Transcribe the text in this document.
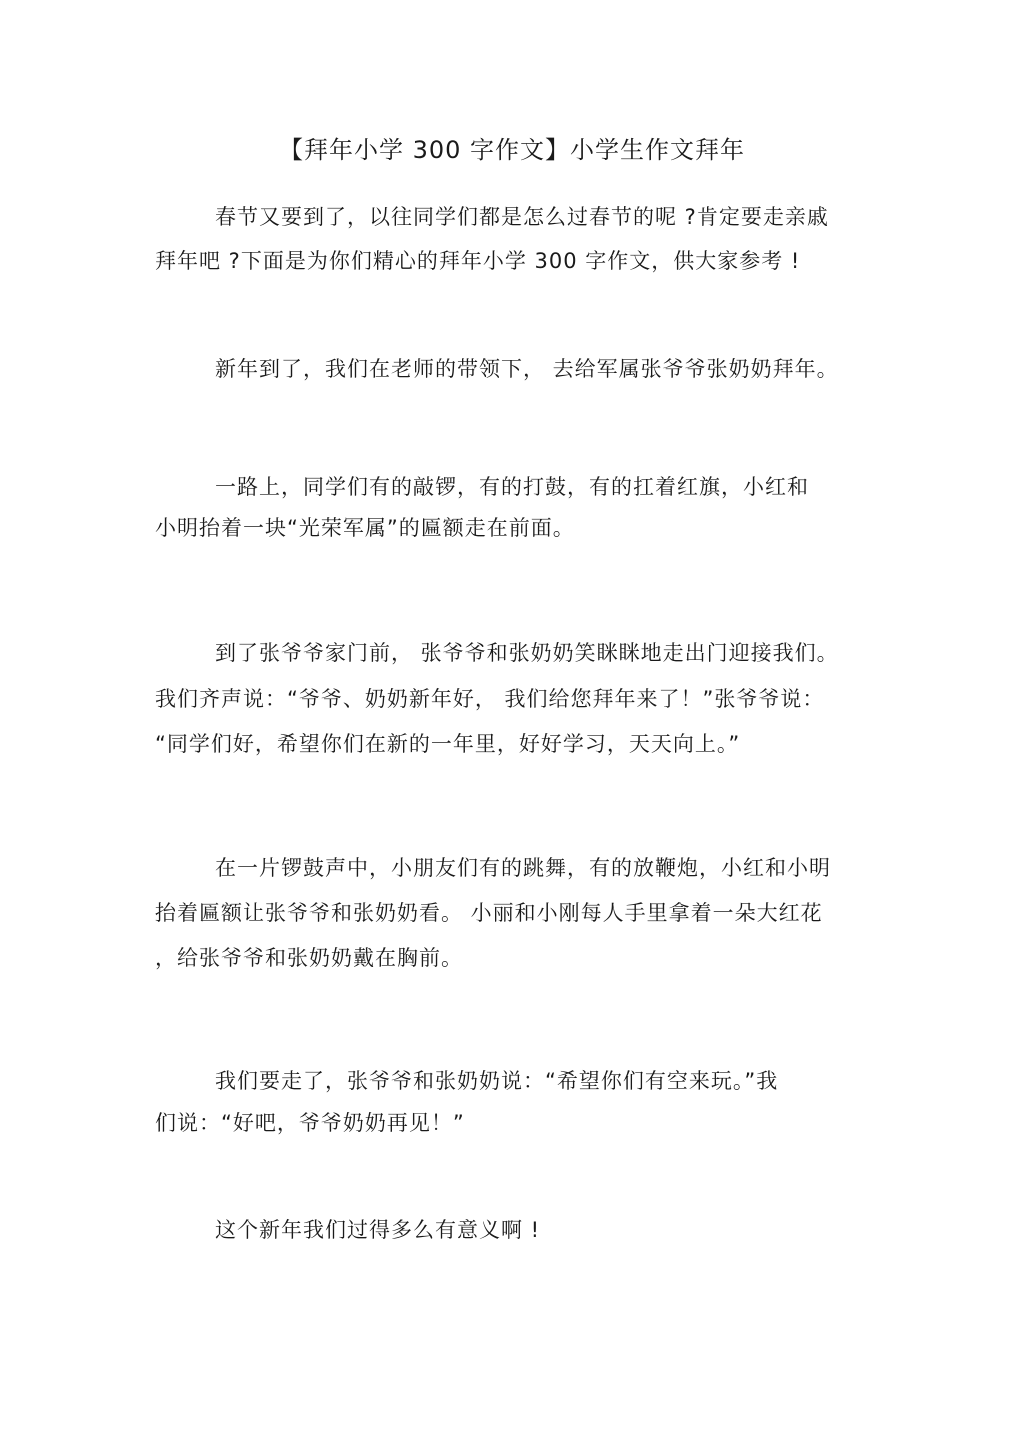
【拜年小学 300 字作文】小学生作文拜年
春节又要到了，以往同学们都是怎么过春节的呢 ?肯定要走亲戚
拜年吧 ?下面是为你们精心的拜年小学 300 字作文，供大家参考 !
新年到了，我们在老师的带领下， 去给军属张爷爷张奶奶拜年。
一路上，同学们有的敲锣，有的打鼓，有的扛着红旗，小红和
小明抬着一块“光荣军属”的匾额走在前面。
到了张爷爷家门前， 张爷爷和张奶奶笑眯眯地走出门迎接我们。
我们齐声说：“爷爷、奶奶新年好， 我们给您拜年来了！”张爷爷说：
“同学们好，希望你们在新的一年里，好好学习，天天向上。”
在一片锣鼓声中，小朋友们有的跳舞，有的放鞭炮，小红和小明
抬着匾额让张爷爷和张奶奶看。 小丽和小刚每人手里拿着一朵大红花
，给张爷爷和张奶奶戴在胸前。
我们要走了，张爷爷和张奶奶说：“希望你们有空来玩。”我
们说：“好吧，爷爷奶奶再见！”
这个新年我们过得多么有意义啊 !
